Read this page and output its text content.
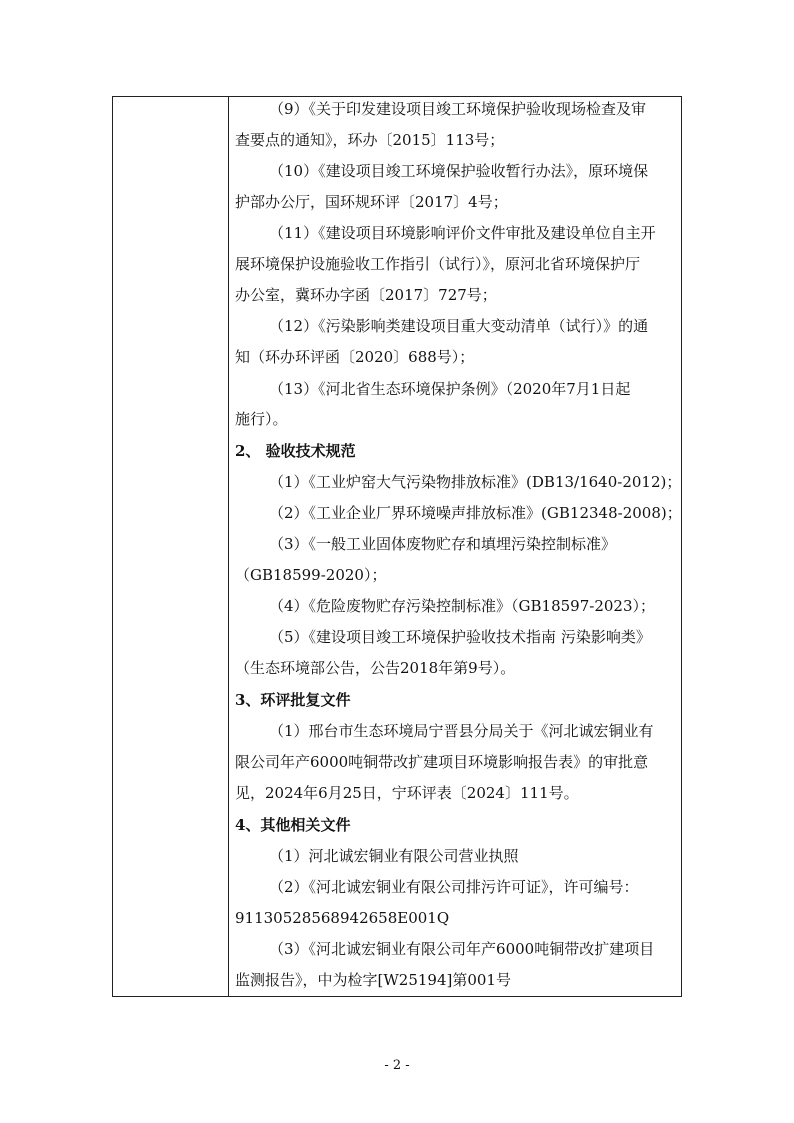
（9）《关于印发建设项目竣工环境保护验收现场检查及审
查要点的通知》，环办〔2015〕113号；
（10）《建设项目竣工环境保护验收暂行办法》，原环境保
护部办公厅，国环规环评〔2017〕4号；
（11）《建设项目环境影响评价文件审批及建设单位自主开
展环境保护设施验收工作指引（试行）》，原河北省环境保护厅
办公室，冀环办字函〔2017〕727号；
（12）《污染影响类建设项目重大变动清单（试行）》的通
知（环办环评函〔2020〕688号）；
（13）《河北省生态环境保护条例》（2020年7月1日起
施行）。
2、 验收技术规范
（1）《工业炉窑大气污染物排放标准》(DB13/1640-2012)；
（2）《工业企业厂界环境噪声排放标准》(GB12348-2008)；
（3）《一般工业固体废物贮存和填埋污染控制标准》
（GB18599-2020）；
（4）《危险废物贮存污染控制标准》（GB18597-2023）；
（5）《建设项目竣工环境保护验收技术指南 污染影响类》
（生态环境部公告，公告2018年第9号）。
3、环评批复文件
（1）邢台市生态环境局宁晋县分局关于《河北诚宏铜业有
限公司年产6000吨铜带改扩建项目环境影响报告表》的审批意
见，2024年6月25日，宁环评表〔2024〕111号。
4、其他相关文件
（1）河北诚宏铜业有限公司营业执照
（2）《河北诚宏铜业有限公司排污许可证》，许可编号：
91130528568942658E001Q
（3）《河北诚宏铜业有限公司年产6000吨铜带改扩建项目
监测报告》，中为检字[W25194]第001号
- 2 -
